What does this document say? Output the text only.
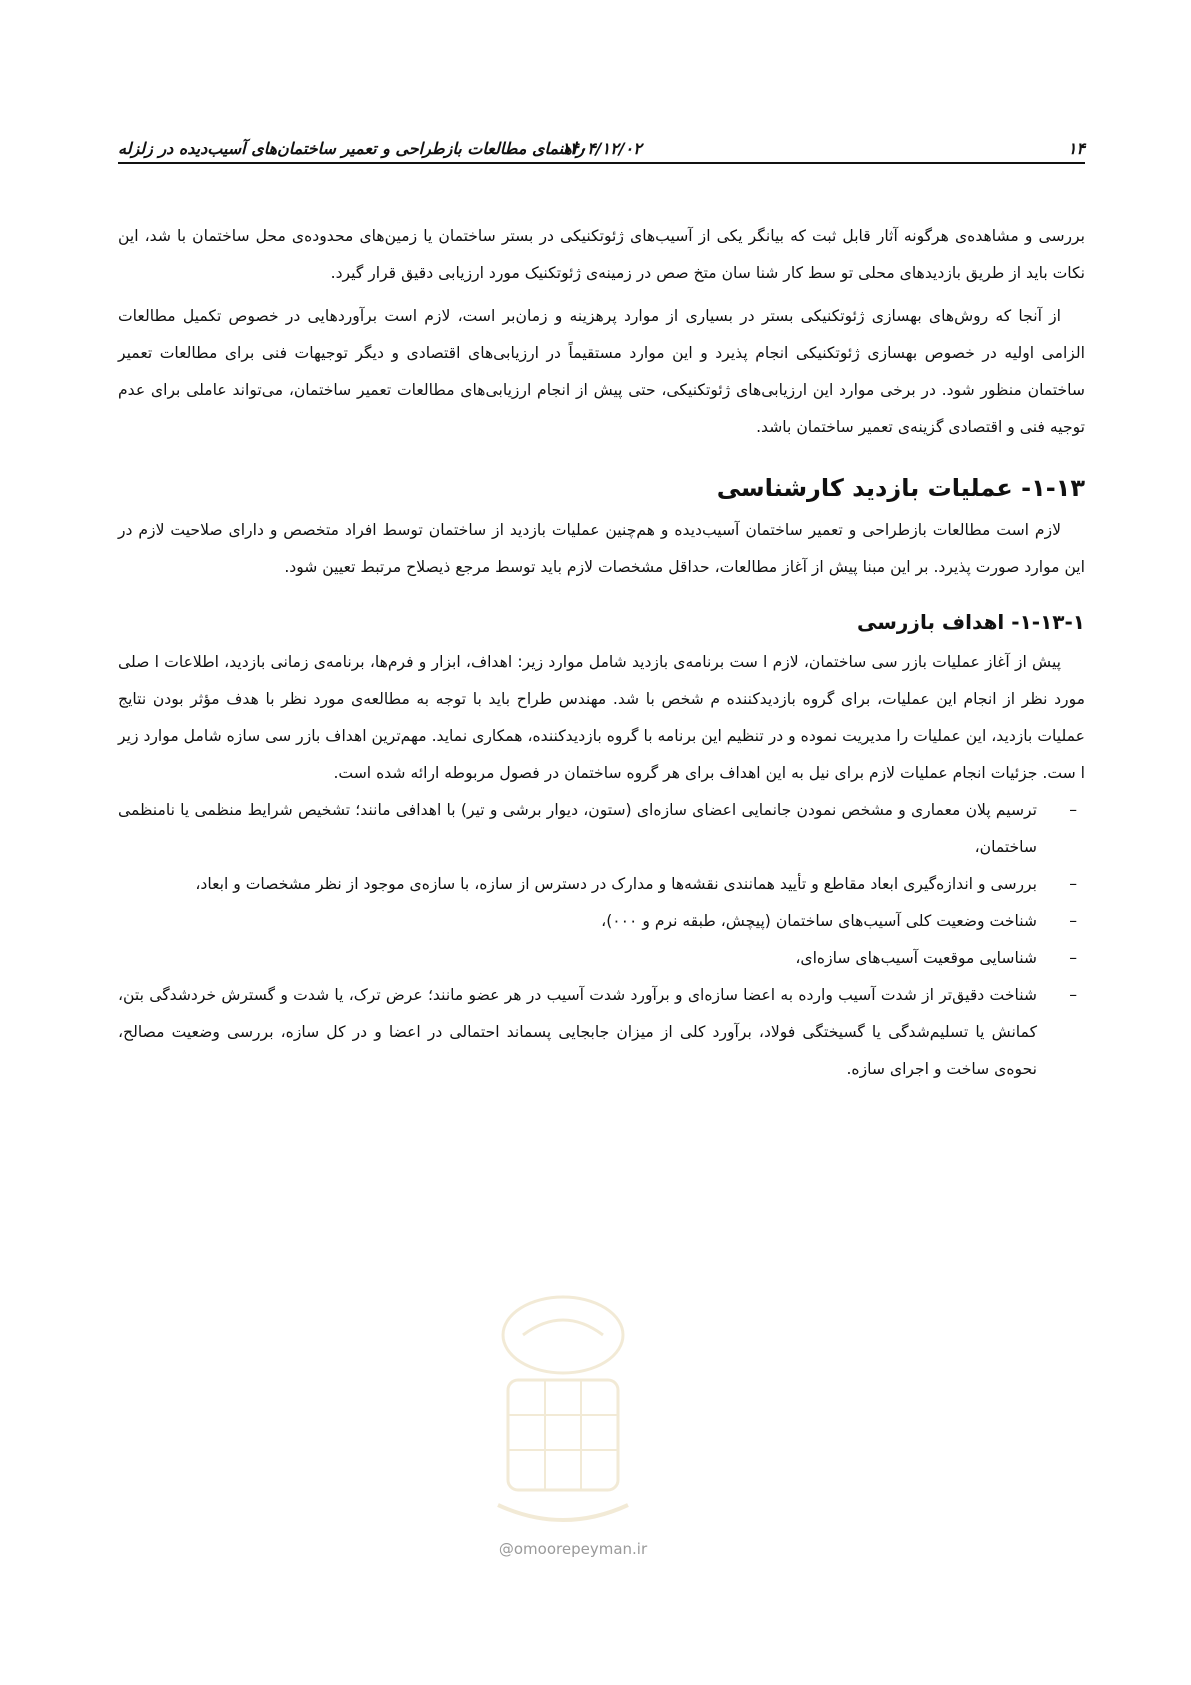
۱۴
۱۴۰۴/۱۲/۰۲
راهنمای مطالعات بازطراحی و تعمیر ساختمان‌های آسیب‌دیده در زلزله

بررسی و مشاهده‌ی هرگونه آثار قابل ثبت که بیانگر یکی از آسیب‌های ژئوتکنیکی در بستر ساختمان یا زمین‌های محدوده‌ی محل ساختمان با شد، این نکات باید از طریق بازدیدهای محلی تو سط کار شنا سان متخ صص در زمینه‌ی ژئوتکنیک مورد ارزیابی دقیق قرار گیرد.

از آنجا که روش‌های بهسازی ژئوتکنیکی بستر در بسیاری از موارد پرهزینه و زمان‌بر است، لازم است برآوردهایی در خصوص تکمیل مطالعات الزامی اولیه در خصوص بهسازی ژئوتکنیکی انجام پذیرد و این موارد مستقیماً در ارزیابی‌های اقتصادی و دیگر توجیهات فنی برای مطالعات تعمیر ساختمان منظور شود. در برخی موارد این ارزیابی‌های ژئوتکنیکی، حتی پیش از انجام ارزیابی‌های مطالعات تعمیر ساختمان، می‌تواند عاملی برای عدم توجیه فنی و اقتصادی گزینه‌ی تعمیر ساختمان باشد.

۱-۱۳- عملیات بازدید کارشناسی

لازم است مطالعات بازطراحی و تعمیر ساختمان آسیب‌دیده و هم‌چنین عملیات بازدید از ساختمان توسط افراد متخصص و دارای صلاحیت لازم در این موارد صورت پذیرد. بر این مبنا پیش از آغاز مطالعات، حداقل مشخصات لازم باید توسط مرجع ذیصلاح مرتبط تعیین شود.

۱-۱۳-۱- اهداف بازرسی

پیش از آغاز عملیات بازر سی ساختمان، لازم ا ست برنامه‌ی بازدید شامل موارد زیر: اهداف، ابزار و فرم‌ها، برنامه‌ی زمانی بازدید، اطلاعات ا صلی مورد نظر از انجام این عملیات، برای گروه بازدیدکننده م شخص با شد. مهندس طراح باید با توجه به مطالعه‌ی مورد نظر با هدف مؤثر بودن نتایج عملیات بازدید، این عملیات را مدیریت نموده و در تنظیم این برنامه با گروه بازدیدکننده، همکاری نماید. مهم‌ترین اهداف بازر سی سازه شامل موارد زیر ا ست. جزئیات انجام عملیات لازم برای نیل به این اهداف برای هر گروه ساختمان در فصول مربوطه ارائه شده است.

– ترسیم پلان معماری و مشخص نمودن جانمایی اعضای سازه‌ای (ستون، دیوار برشی و تیر) با اهدافی مانند؛ تشخیص شرایط منظمی یا نامنظمی ساختمان،
– بررسی و اندازه‌گیری ابعاد مقاطع و تأیید همانندی نقشه‌ها و مدارک در دسترس از سازه، با سازه‌ی موجود از نظر مشخصات و ابعاد،
– شناخت وضعیت کلی آسیب‌های ساختمان (پیچش، طبقه نرم و ۰۰۰)،
– شناسایی موقعیت آسیب‌های سازه‌ای،
– شناخت دقیق‌تر از شدت آسیب وارده به اعضا سازه‌ای و برآورد شدت آسیب در هر عضو مانند؛ عرض ترک، یا شدت و گسترش خردشدگی بتن، کمانش یا تسلیم‌شدگی یا گسیختگی فولاد، برآورد کلی از میزان جابجایی پسماند احتمالی در اعضا و در کل سازه، بررسی وضعیت مصالح، نحوه‌ی ساخت و اجرای سازه.
@omoorepeyman.ir
